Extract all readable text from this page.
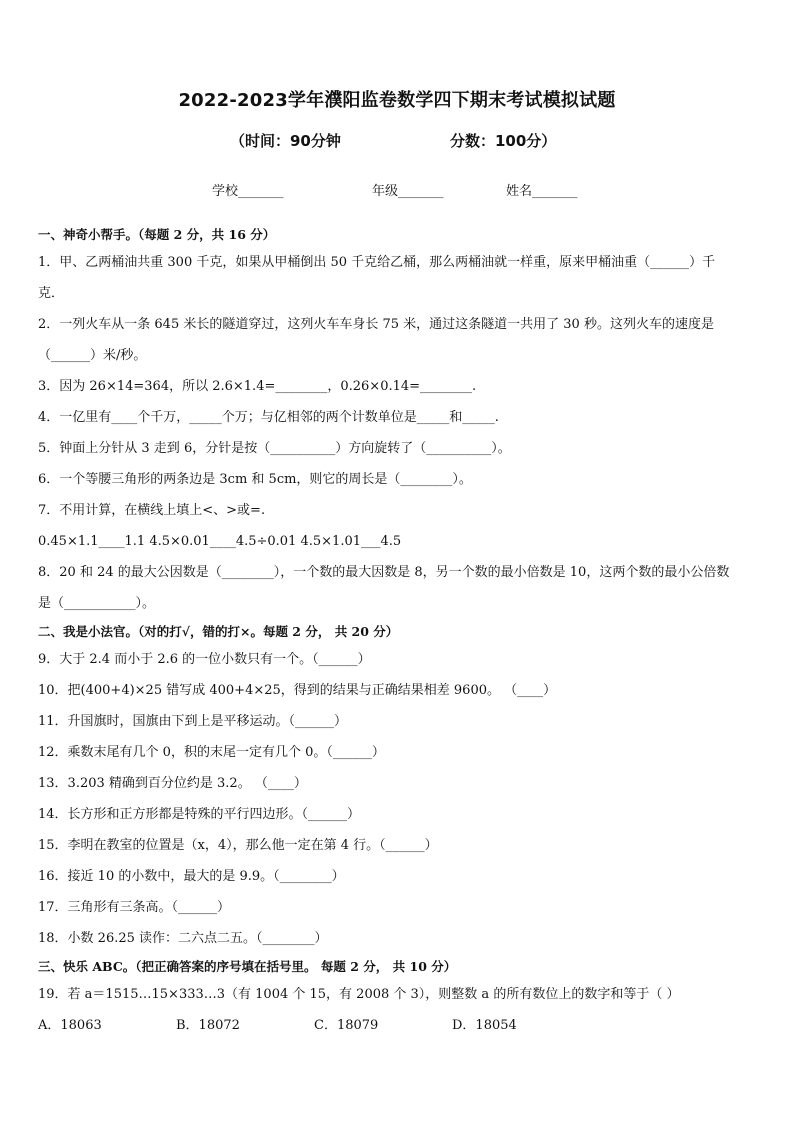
2022-2023学年濮阳监卷数学四下期末考试模拟试题
（时间：90分钟	分数：100分）
学校_______	年级_______	姓名_______
一、神奇小帮手。（每题 2 分，共 16 分）
1．甲、乙两桶油共重 300 千克，如果从甲桶倒出 50 千克给乙桶，那么两桶油就一样重，原来甲桶油重（______）千
克．
2．一列火车从一条 645 米长的隧道穿过，这列火车车身长 75 米，通过这条隧道一共用了 30 秒。这列火车的速度是
（______）米/秒。
3．因为 26×14=364，所以 2.6×1.4=________，0.26×0.14=________.
4．一亿里有____个千万，_____个万；与亿相邻的两个计数单位是_____和_____.
5．钟面上分针从 3 走到 6，分针是按（__________）方向旋转了（__________）。
6．一个等腰三角形的两条边是 3cm 和 5cm，则它的周长是（________）。
7．不用计算，在横线上填上<、>或=.
0.45×1.1____1.1 4.5×0.01____4.5÷0.01 4.5×1.01___4.5
8．20 和 24 的最大公因数是（________），一个数的最大因数是 8，另一个数的最小倍数是 10，这两个数的最小公倍数
是（___________）。
二、我是小法官。（对的打√，错的打×。每题 2 分， 共 20 分）
9．大于 2.4 而小于 2.6 的一位小数只有一个。（______）
10．把(400+4)×25 错写成 400+4×25，得到的结果与正确结果相差 9600。 （____）
11．升国旗时，国旗由下到上是平移运动。（______）
12．乘数末尾有几个 0，积的末尾一定有几个 0。（______）
13．3.203 精确到百分位约是 3.2。 （____）
14．长方形和正方形都是特殊的平行四边形。（______）
15．李明在教室的位置是（x，4），那么他一定在第 4 行。（______）
16．接近 10 的小数中，最大的是 9.9。（________）
17．三角形有三条高。（______）
18．小数 26.25 读作：二六点二五。（________）
三、快乐 ABC。（把正确答案的序号填在括号里。 每题 2 分， 共 10 分）
19．若 a＝1515…15×333…3（有 1004 个 15，有 2008 个 3），则整数 a 的所有数位上的数字和等于（ ）
A．18063	B．18072	C．18079	D．18054
